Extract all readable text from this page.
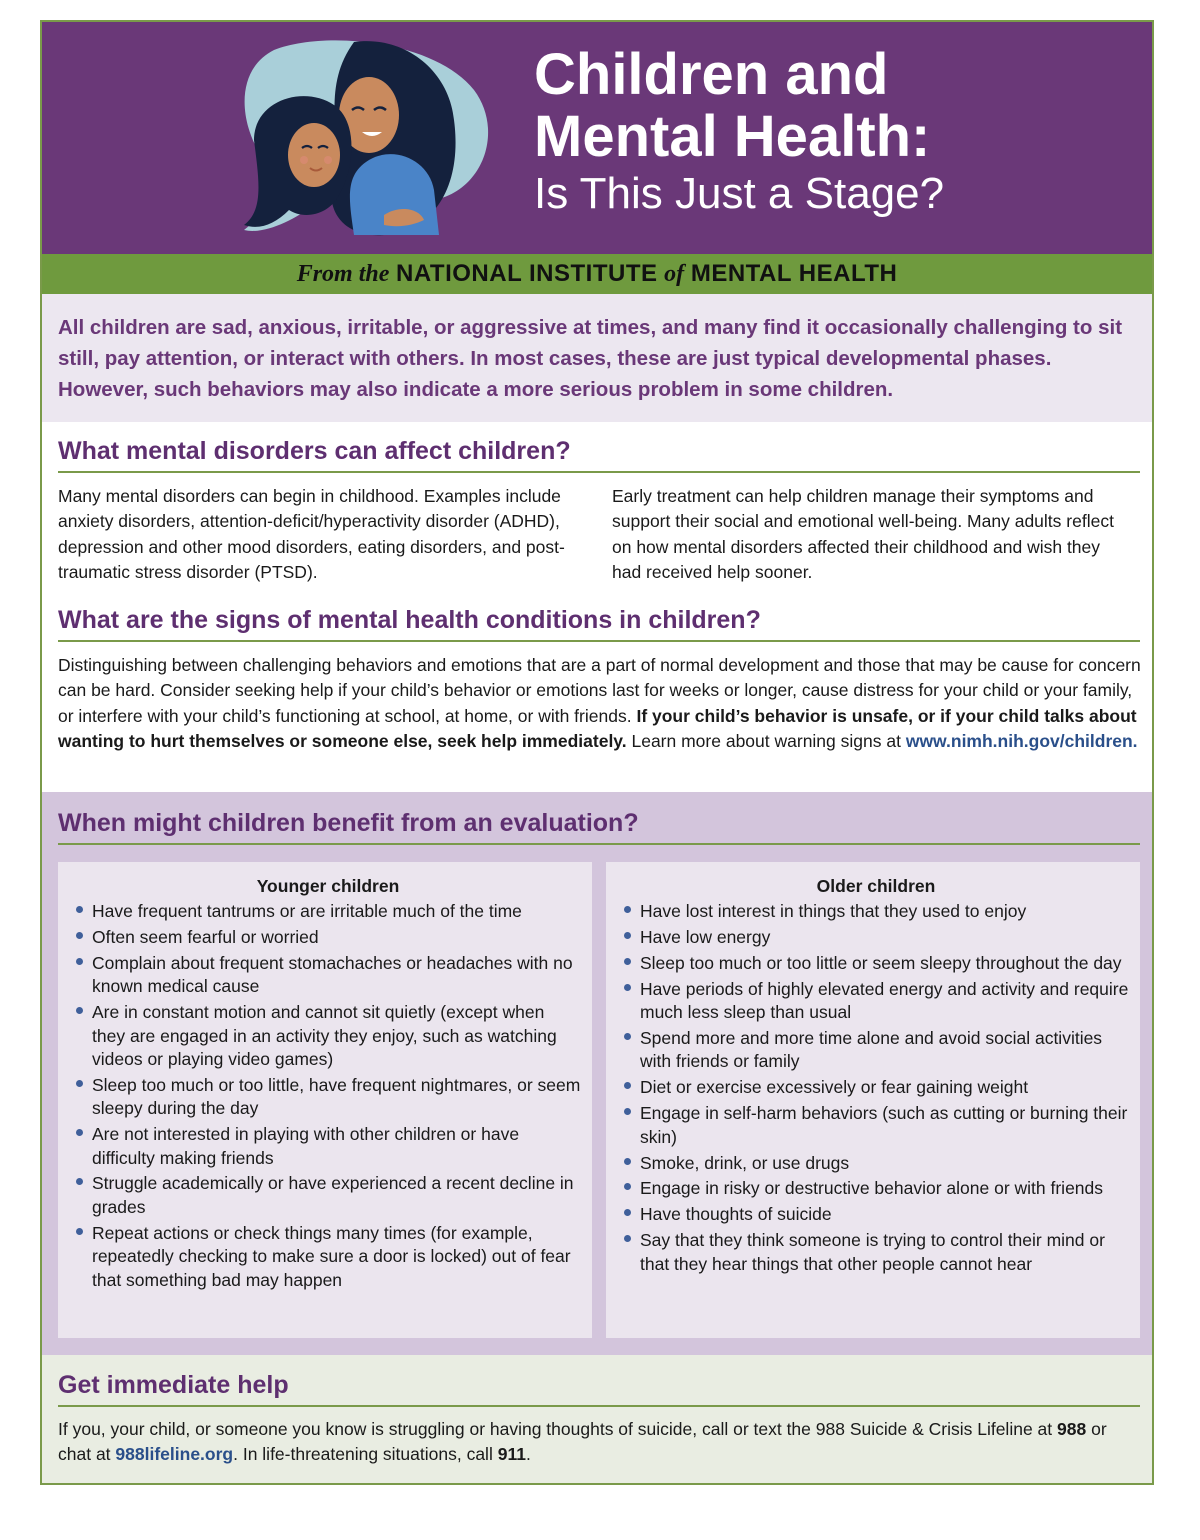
Children and
Mental Health:
Is This Just a Stage?
From the NATIONAL INSTITUTE of MENTAL HEALTH
All children are sad, anxious, irritable, or aggressive at times, and many find it occasionally challenging to sit still, pay attention, or interact with others. In most cases, these are just typical developmental phases. However, such behaviors may also indicate a more serious problem in some children.
What mental disorders can affect children?
Many mental disorders can begin in childhood. Examples include anxiety disorders, attention-deficit/hyperactivity disorder (ADHD), depression and other mood disorders, eating disorders, and post-traumatic stress disorder (PTSD).
Early treatment can help children manage their symptoms and support their social and emotional well-being. Many adults reflect on how mental disorders affected their childhood and wish they had received help sooner.
What are the signs of mental health conditions in children?
Distinguishing between challenging behaviors and emotions that are a part of normal development and those that may be cause for concern can be hard. Consider seeking help if your child’s behavior or emotions last for weeks or longer, cause distress for your child or your family, or interfere with your child’s functioning at school, at home, or with friends. If your child’s behavior is unsafe, or if your child talks about wanting to hurt themselves or someone else, seek help immediately. Learn more about warning signs at www.nimh.nih.gov/children.
When might children benefit from an evaluation?
Younger children
Have frequent tantrums or are irritable much of the time
Often seem fearful or worried
Complain about frequent stomachaches or headaches with no known medical cause
Are in constant motion and cannot sit quietly (except when they are engaged in an activity they enjoy, such as watching videos or playing video games)
Sleep too much or too little, have frequent nightmares, or seem sleepy during the day
Are not interested in playing with other children or have difficulty making friends
Struggle academically or have experienced a recent decline in grades
Repeat actions or check things many times (for example, repeatedly checking to make sure a door is locked) out of fear that something bad may happen
Older children
Have lost interest in things that they used to enjoy
Have low energy
Sleep too much or too little or seem sleepy throughout the day
Have periods of highly elevated energy and activity and require much less sleep than usual
Spend more and more time alone and avoid social activities with friends or family
Diet or exercise excessively or fear gaining weight
Engage in self-harm behaviors (such as cutting or burning their skin)
Smoke, drink, or use drugs
Engage in risky or destructive behavior alone or with friends
Have thoughts of suicide
Say that they think someone is trying to control their mind or that they hear things that other people cannot hear
Get immediate help
If you, your child, or someone you know is struggling or having thoughts of suicide, call or text the 988 Suicide & Crisis Lifeline at 988 or chat at 988lifeline.org. In life-threatening situations, call 911.
